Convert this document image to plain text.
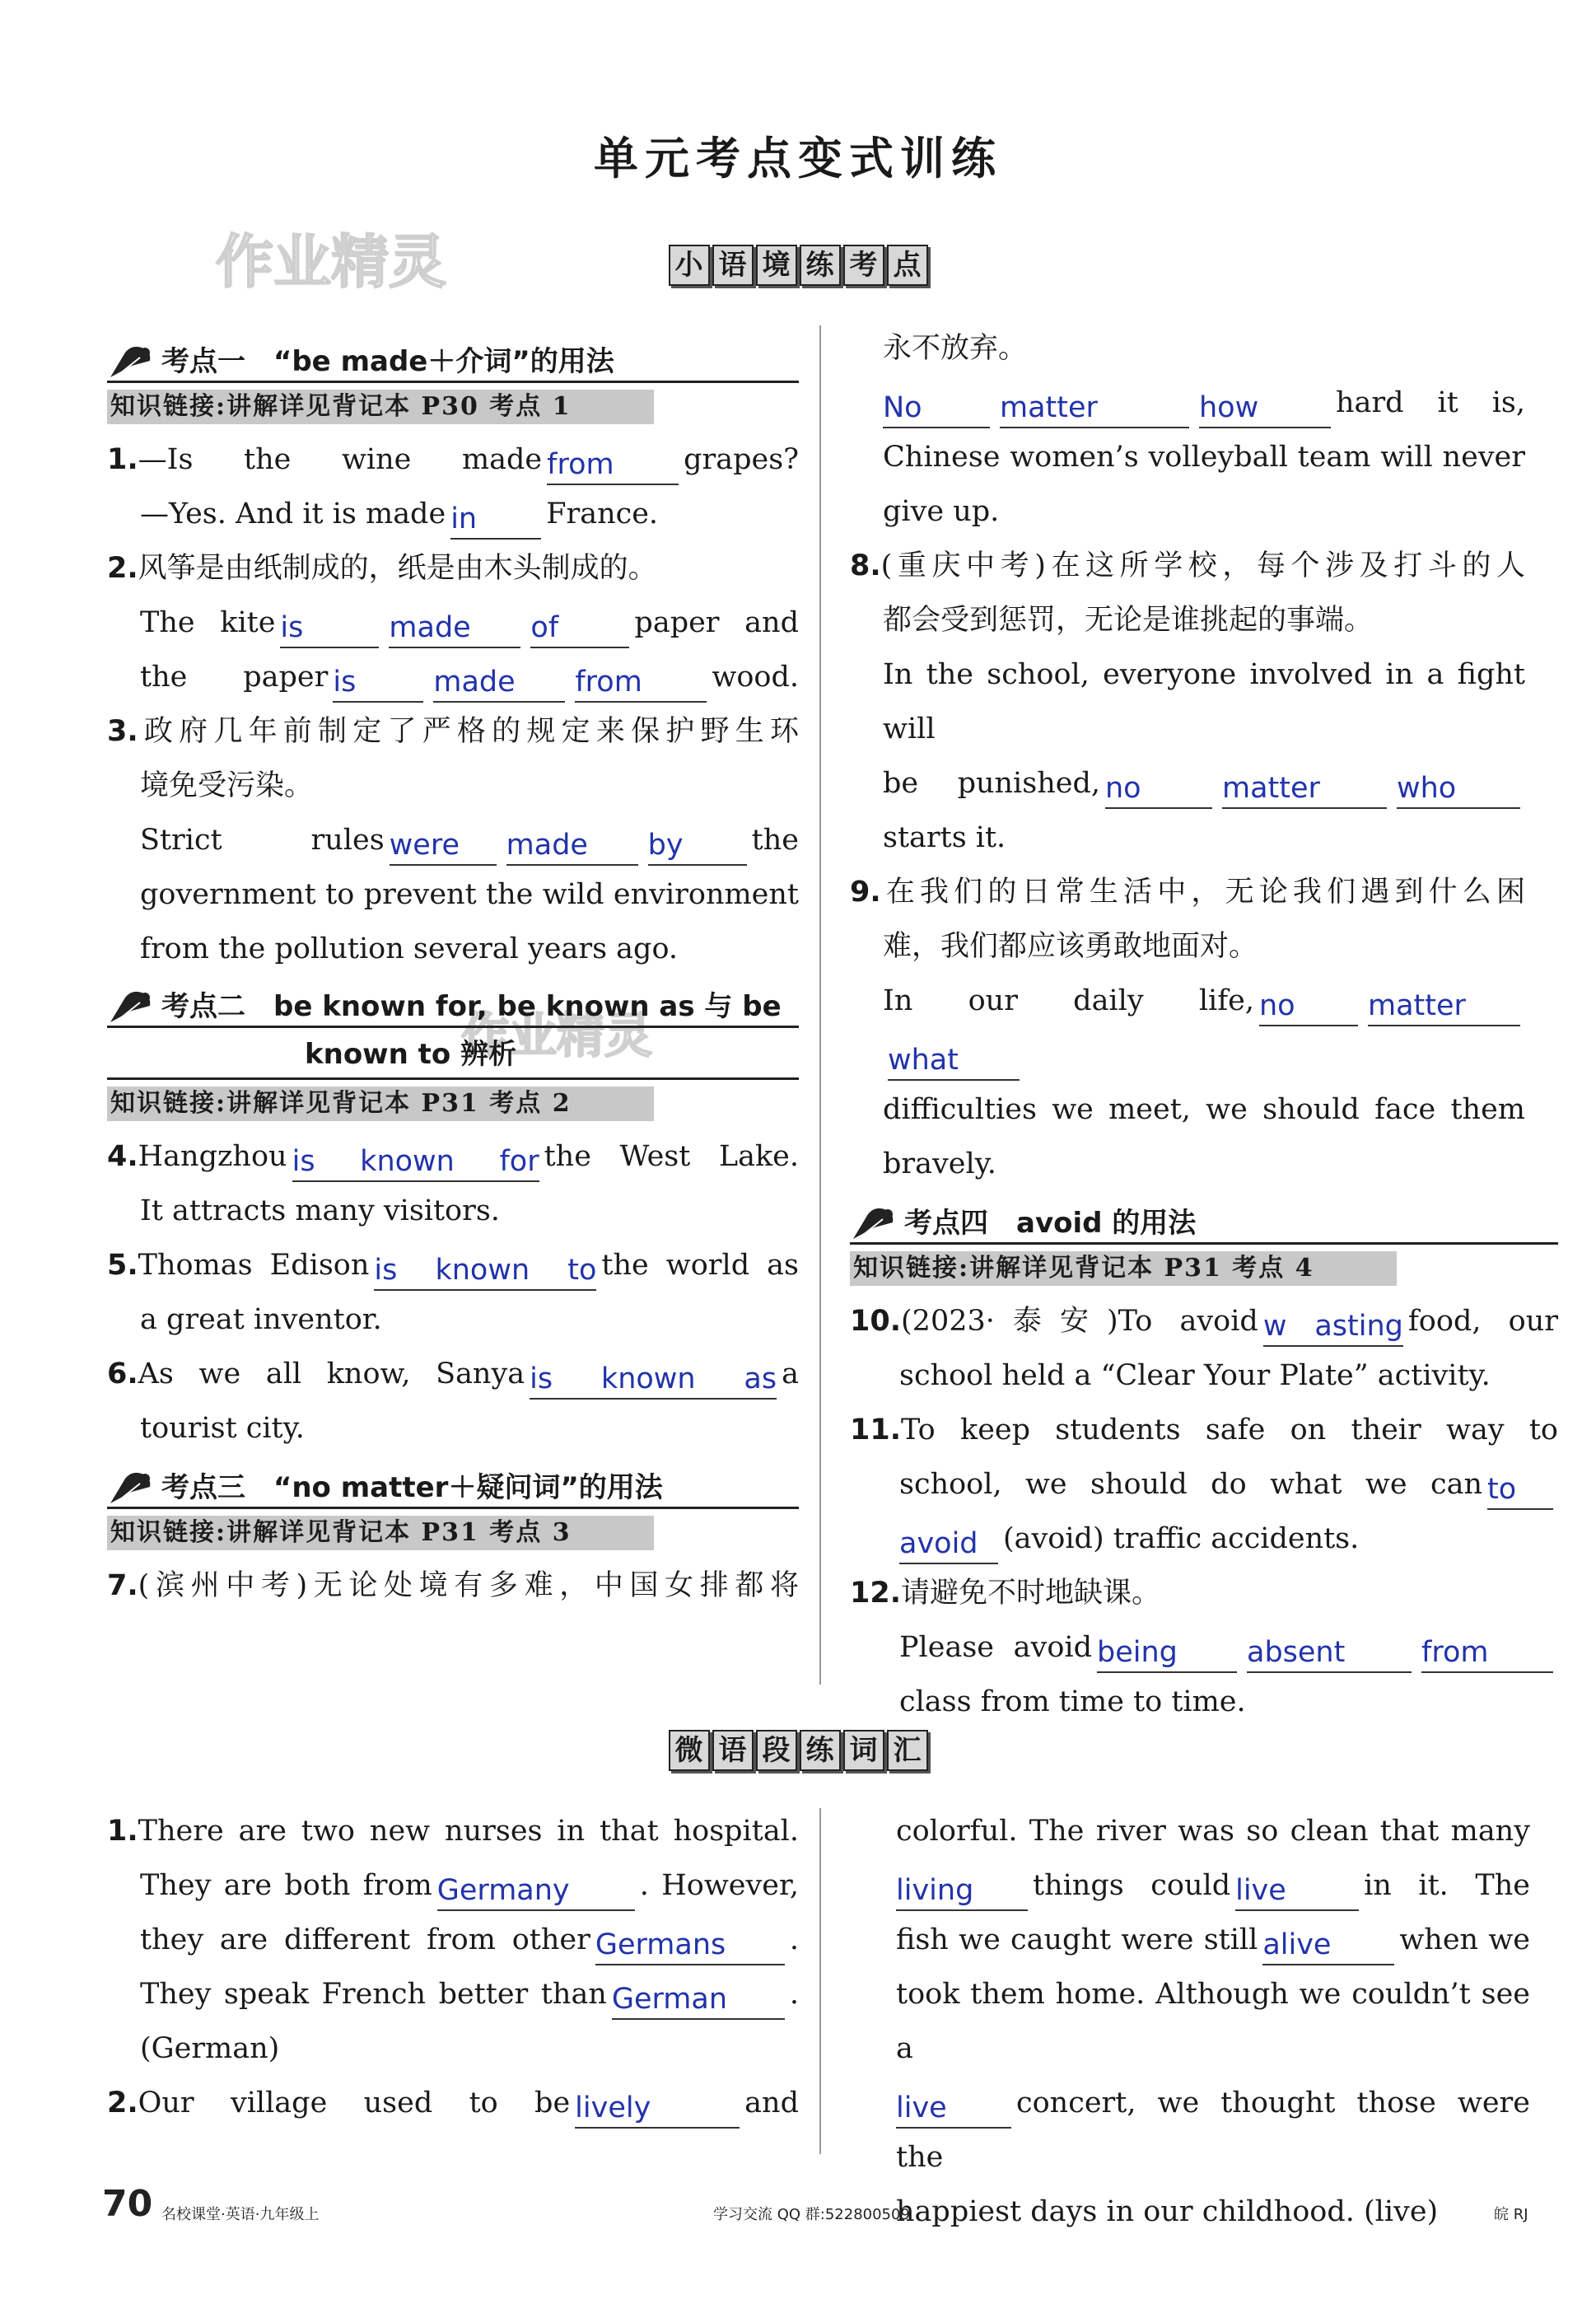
单元考点变式训练
作业精灵
作业精灵
小 语 境 练 考 点
考点一　“be made＋介词”的用法
知识链接:讲解详见背记本 P30 考点 1

1.—Is the wine made from grapes?

—Yes. And it is made in France.

2.风筝是由纸制成的，纸是由木头制成的。

The kite is	made of	paper and

the paper is	made from wood.

3.政府几年前制定了严格的规定来保护野生环

境免受污染。

Strict rules were made by the

government to prevent the wild environment

from the pollution several years ago.

考点二　be known for, be known as 与 be
known to 辨析
知识链接:讲解详见背记本 P31 考点 2

4.Hangzhou is known for the West Lake.

It attracts many visitors.

5.Thomas Edison is known to the world as

a great inventor.

6.As we all know, Sanya is known as a

tourist city.

考点三　“no matter＋疑问词”的用法
知识链接:讲解详见背记本 P31 考点 3

7.(滨州中考)无论处境有多难，中国女排都将

永不放弃。

No	matter	how	hard it is,

Chinese women’s volleyball team will never

give up.

8.(重庆中考)在这所学校，每个涉及打斗的人

都会受到惩罚，无论是谁挑起的事端。

In the school, everyone involved in a fight will

be punished, no	matter	who

starts it.

9.在我们的日常生活中，无论我们遇到什么困

难，我们都应该勇敢地面对。

In our daily life, no	matterwhat

difficulties we meet, we should face them

bravely.

考点四　avoid 的用法
知识链接:讲解详见背记本 P31 考点 4

10.(2023·泰安)To avoid w asting food, our

school held a “Clear Your Plate” activity.

11.To keep students safe on their way to

school, we should do what we can to

avoid (avoid) traffic accidents.

12.请避免不时地缺课。

Please avoid being absent	from

class from time to time.

微 语 段 练 词 汇

1.There are two new nurses in that hospital.

They are both from Germany . However,

they are different from other Germans .

They speak French better than German .

(German)

2.Our village used to be lively	and

colorful. The river was so clean that many

living things could live	in it. The

fish we caught were still alive when we

took them home. Although we couldn’t see a

live concert, we thought those were the

happiest days in our childhood. (live)

70 名校课堂·英语·九年级上	学习交流 QQ 群:522800509	皖 RJ
